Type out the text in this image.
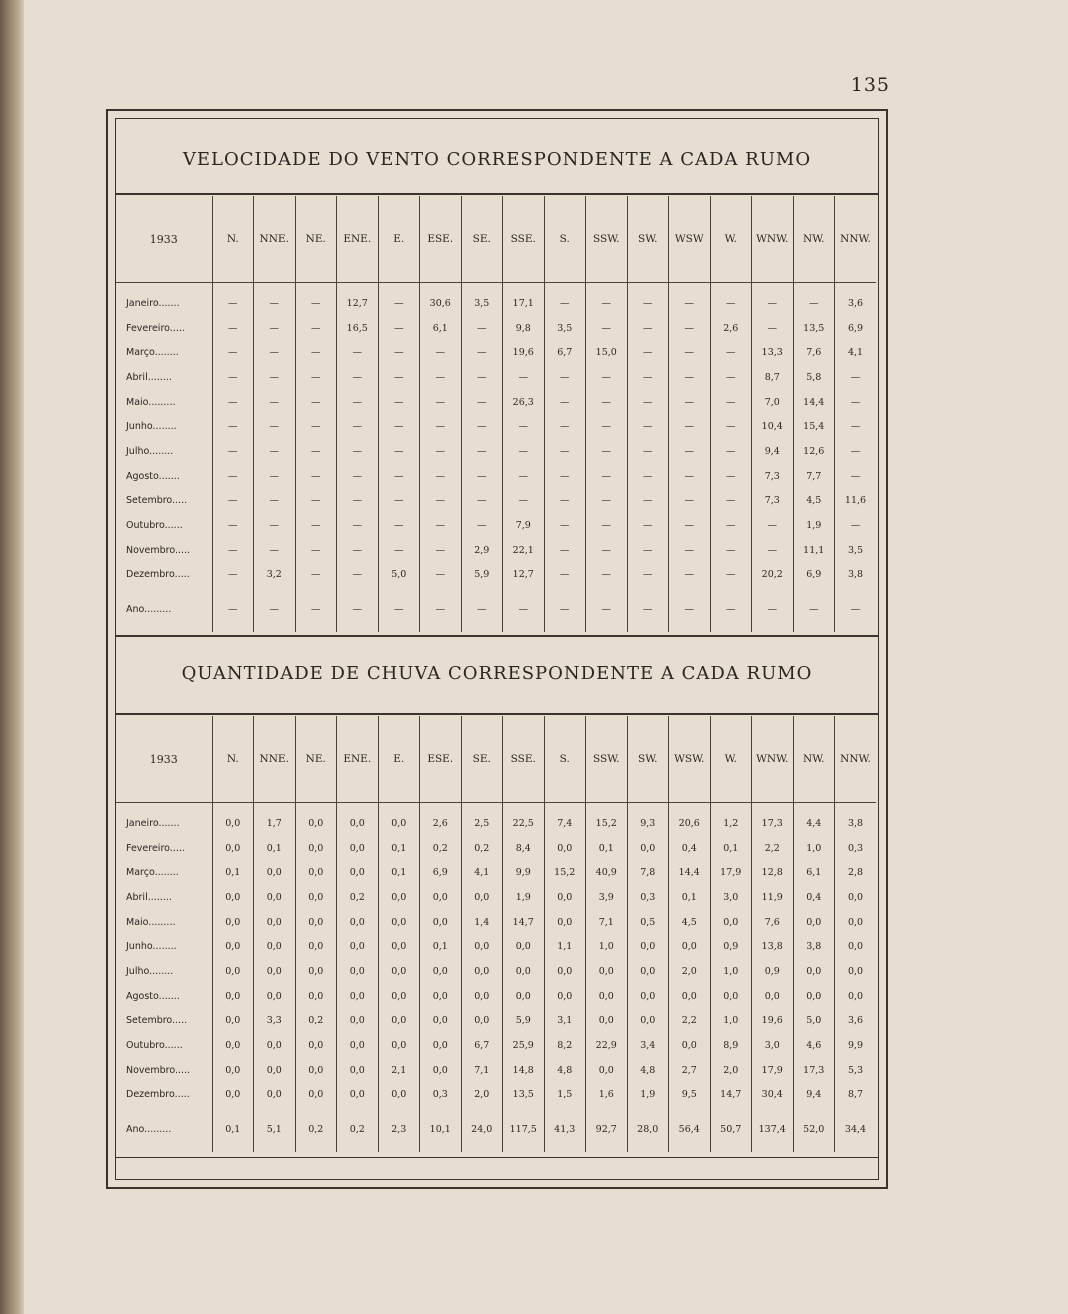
135
VELOCIDADE DO VENTO CORRESPONDENTE A CADA RUMO
1933	N.	NNE.	NE.	ENE.	E.	ESE.	SE.	SSE.	S.	SSW.	SW.	WSW	W.	WNW.	NW.	NNW.

Janeiro.......	—	—	—	12,7	—	30,6	3,5	17,1	—	—	—	—	—	—	—	3,6
Fevereiro.....	—	—	—	16,5	—	6,1	—	9,8	3,5	—	—	—	2,6	—	13,5	6,9
Março........	—	—	—	—	—	—	—	19,6	6,7	15,0	—	—	—	13,3	7,6	4,1
Abril........	—	—	—	—	—	—	—	—	—	—	—	—	—	8,7	5,8	—
Maio.........	—	—	—	—	—	—	—	26,3	—	—	—	—	—	7,0	14,4	—
Junho........	—	—	—	—	—	—	—	—	—	—	—	—	—	10,4	15,4	—
Julho........	—	—	—	—	—	—	—	—	—	—	—	—	—	9,4	12,6	—
Agosto.......	—	—	—	—	—	—	—	—	—	—	—	—	—	7,3	7,7	—
Setembro.....	—	—	—	—	—	—	—	—	—	—	—	—	—	7,3	4,5	11,6
Outubro......	—	—	—	—	—	—	—	7,9	—	—	—	—	—	—	1,9	—
Novembro.....	—	—	—	—	—	—	2,9	22,1	—	—	—	—	—	—	11,1	3,5
Dezembro.....	—	3,2	—	—	5,0	—	5,9	12,7	—	—	—	—	—	20,2	6,9	3,8

Ano.........	—	—	—	—	—	—	—	—	—	—	—	—	—	—	—	—

QUANTIDADE DE CHUVA CORRESPONDENTE A CADA RUMO
1933	N.	NNE.	NE.	ENE.	E.	ESE.	SE.	SSE.	S.	SSW.	SW.	WSW.	W.	WNW.	NW.	NNW.

Janeiro.......	0,0	1,7	0,0	0,0	0,0	2,6	2,5	22,5	7,4	15,2	9,3	20,6	1,2	17,3	4,4	3,8
Fevereiro.....	0,0	0,1	0,0	0,0	0,1	0,2	0,2	8,4	0,0	0,1	0,0	0,4	0,1	2,2	1,0	0,3
Março........	0,1	0,0	0,0	0,0	0,1	6,9	4,1	9,9	15,2	40,9	7,8	14,4	17,9	12,8	6,1	2,8
Abril........	0,0	0,0	0,0	0,2	0,0	0,0	0,0	1,9	0,0	3,9	0,3	0,1	3,0	11,9	0,4	0,0
Maio.........	0,0	0,0	0,0	0,0	0,0	0,0	1,4	14,7	0,0	7,1	0,5	4,5	0,0	7,6	0,0	0,0
Junho........	0,0	0,0	0,0	0,0	0,0	0,1	0,0	0,0	1,1	1,0	0,0	0,0	0,9	13,8	3,8	0,0
Julho........	0,0	0,0	0,0	0,0	0,0	0,0	0,0	0,0	0,0	0,0	0,0	2,0	1,0	0,9	0,0	0,0
Agosto.......	0,0	0,0	0,0	0,0	0,0	0,0	0,0	0,0	0,0	0,0	0,0	0,0	0,0	0,0	0,0	0,0
Setembro.....	0,0	3,3	0,2	0,0	0,0	0,0	0,0	5,9	3,1	0,0	0,0	2,2	1,0	19,6	5,0	3,6
Outubro......	0,0	0,0	0,0	0,0	0,0	0,0	6,7	25,9	8,2	22,9	3,4	0,0	8,9	3,0	4,6	9,9
Novembro.....	0,0	0,0	0,0	0,0	2,1	0,0	7,1	14,8	4,8	0,0	4,8	2,7	2,0	17,9	17,3	5,3
Dezembro.....	0,0	0,0	0,0	0,0	0,0	0,3	2,0	13,5	1,5	1,6	1,9	9,5	14,7	30,4	9,4	8,7

Ano.........	0,1	5,1	0,2	0,2	2,3	10,1	24,0	117,5	41,3	92,7	28,0	56,4	50,7	137,4	52,0	34,4
